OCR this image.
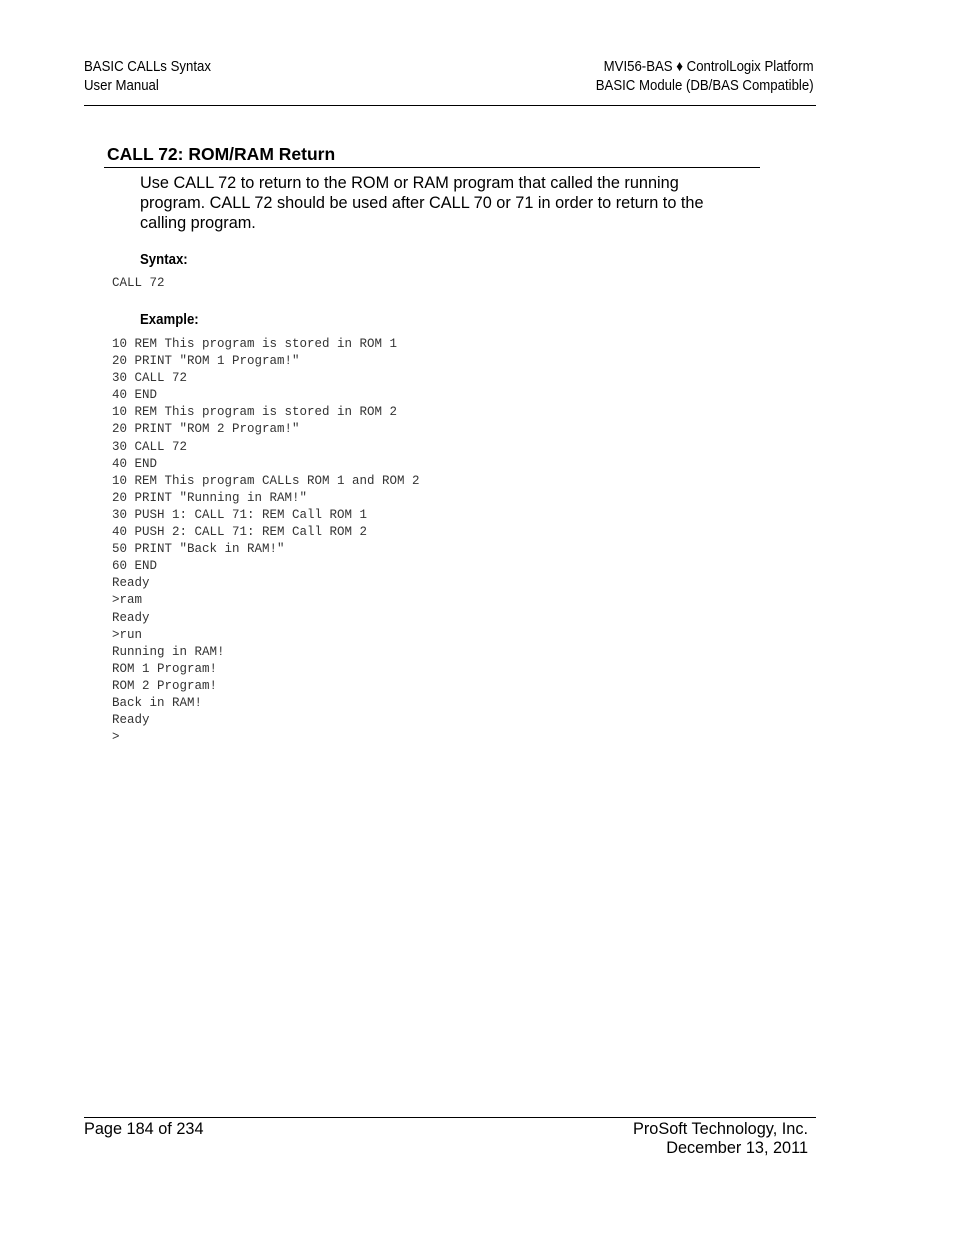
BASIC CALLs Syntax
User Manual
MVI56-BAS ♦ ControlLogix Platform
BASIC Module (DB/BAS Compatible)
CALL 72: ROM/RAM Return
Use CALL 72 to return to the ROM or RAM program that called the running
program. CALL 72 should be used after CALL 70 or 71 in order to return to the
calling program.
Syntax:
CALL 72
Example:
10 REM This program is stored in ROM 1
20 PRINT "ROM 1 Program!"
30 CALL 72
40 END
10 REM This program is stored in ROM 2
20 PRINT "ROM 2 Program!"
30 CALL 72
40 END
10 REM This program CALLs ROM 1 and ROM 2
20 PRINT "Running in RAM!"
30 PUSH 1: CALL 71: REM Call ROM 1
40 PUSH 2: CALL 71: REM Call ROM 2
50 PRINT "Back in RAM!"
60 END
Ready
>ram
Ready
>run
Running in RAM!
ROM 1 Program!
ROM 2 Program!
Back in RAM!
Ready
>
Page 184 of 234	ProSoft Technology, Inc.
December 13, 2011
